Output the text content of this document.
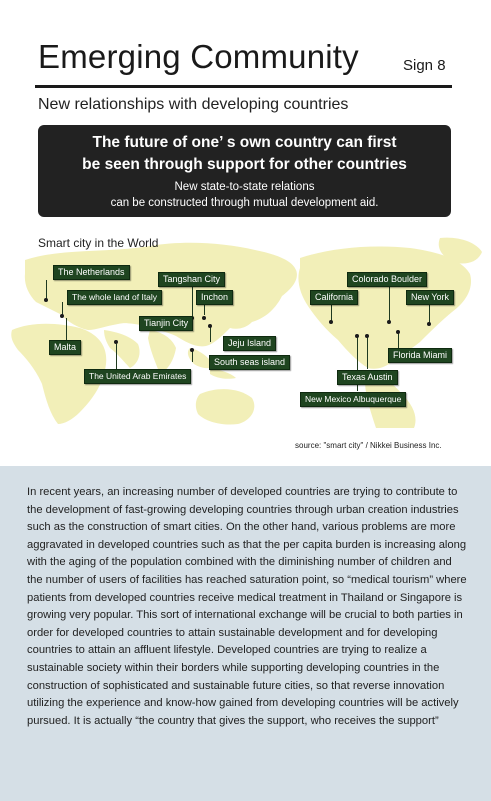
Emerging Community	Sign 8
New relationships with developing countries
The future of one’ s own country can first
be seen through support for other countries
New state-to-state relations
can be constructed through mutual development aid.
Smart city in the World
The Netherlands
The whole land of Italy
Malta
The United Arab Emirates
Tangshan City
Inchon
Tianjin City
Jeju Island
South seas island
Colorado Boulder
California	New York
Florida Miami
Texas Austin
New Mexico Albuquerque
source: "smart city" / Nikkei Business Inc.
In recent years, an increasing number of developed countries are trying to contribute to the development of fast-growing developing countries through urban creation industries such as the construction of smart cities. On the other hand, various problems are more aggravated in developed countries such as that the per capita burden is increasing along with the aging of the population combined with the diminishing number of children and the number of users of facilities has reached saturation point, so “medical tourism” where patients from developed countries receive medical treatment in Thailand or Singapore is growing very popular. This sort of international exchange will be crucial to both parties in order for developed countries to attain sustainable development and for developing countries to attain an affluent lifestyle. Developed countries are trying to realize a sustainable society within their borders while supporting developing countries in the construction of sophisticated and sustainable future cities, so that reverse innovation utilizing the experience and know-how gained from developing countries will be actively pursued. It is actually “the country that gives the support, who receives the support”
